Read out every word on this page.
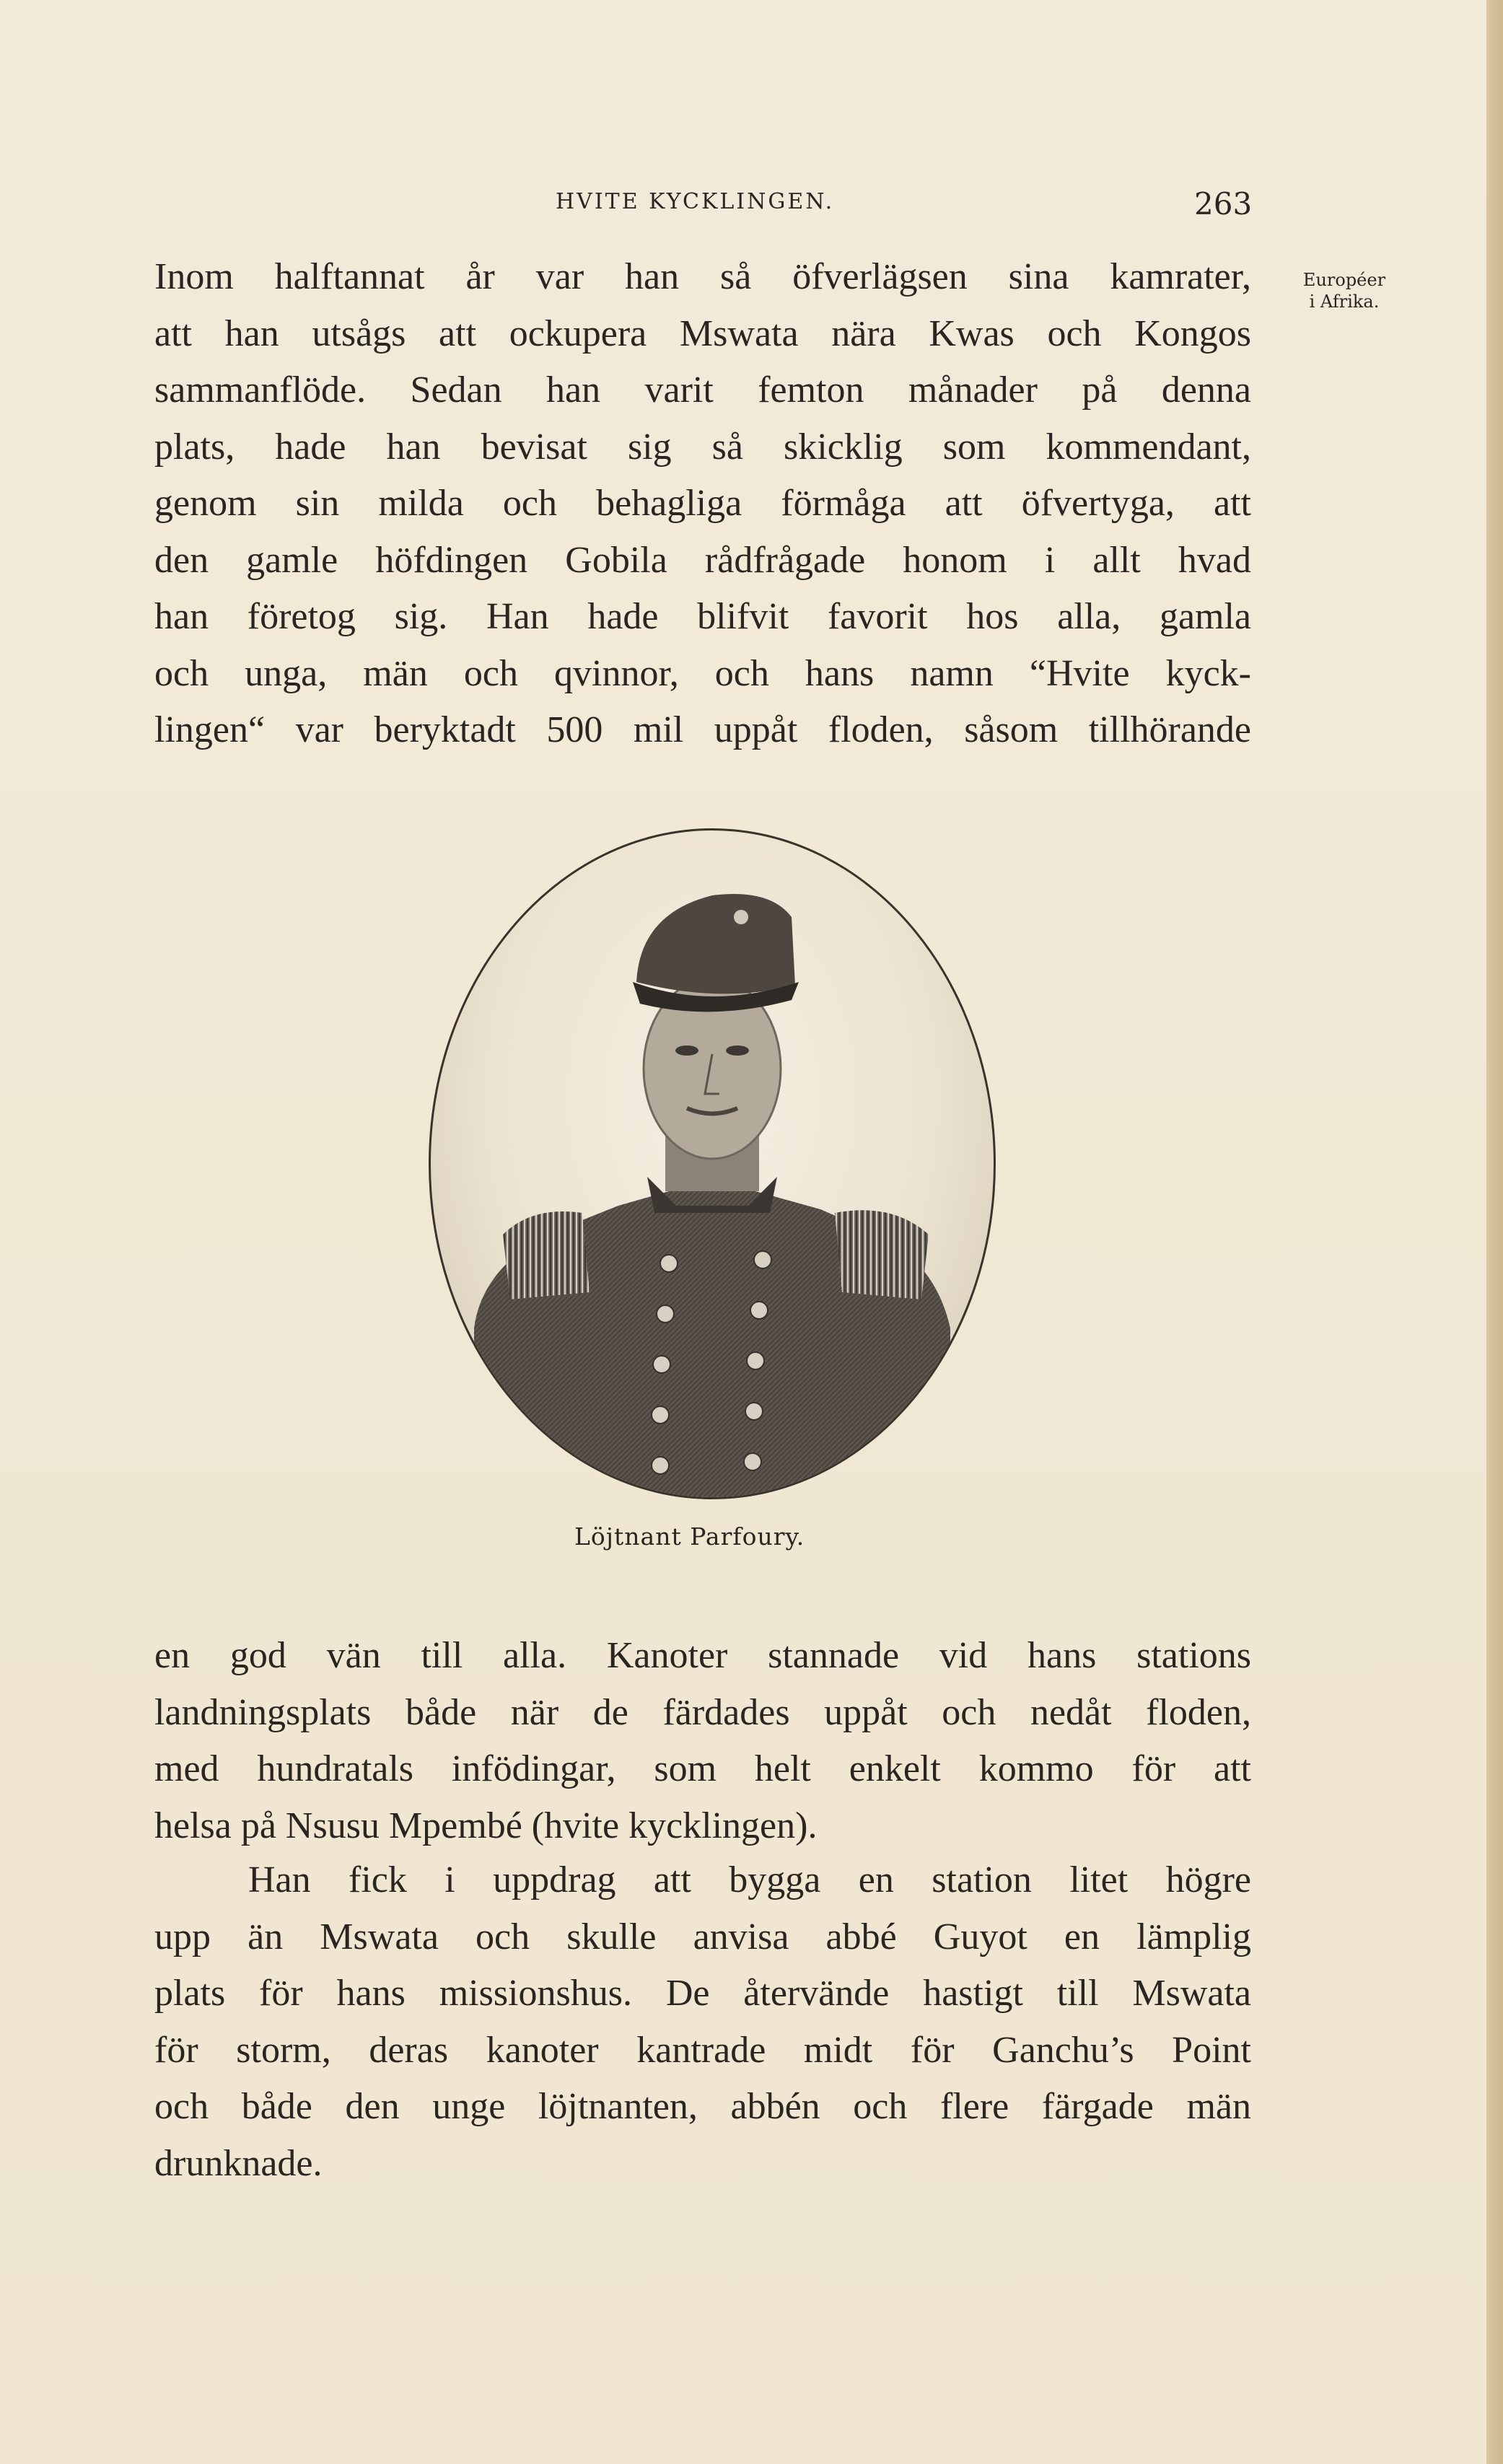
HVITE KYCKLINGEN.	263
Européer
i Afrika.
Inom halftannat år var han så öfverlägsen sina kamrater,
att han utsågs att ockupera Mswata nära Kwas och Kongos
sammanflöde. Sedan han varit femton månader på denna
plats, hade han bevisat sig så skicklig som kommendant,
genom sin milda och behagliga förmåga att öfvertyga, att
den gamle höfdingen Gobila rådfrågade honom i allt hvad
han företog sig. Han hade blifvit favorit hos alla, gamla
och unga, män och qvinnor, och hans namn “Hvite kyck-
lingen“ var beryktadt 500 mil uppåt floden, såsom tillhörande
Löjtnant Parfoury.
en god vän till alla. Kanoter stannade vid hans stations
landningsplats både när de färdades uppåt och nedåt floden,
med hundratals infödingar, som helt enkelt kommo för att
helsa på Nsusu Mpembé (hvite kycklingen).
Han fick i uppdrag att bygga en station litet högre
upp än Mswata och skulle anvisa abbé Guyot en lämplig
plats för hans missionshus. De återvände hastigt till Mswata
för storm, deras kanoter kantrade midt för Ganchu’s Point
och både den unge löjtnanten, abbén och flere färgade män
drunknade.
